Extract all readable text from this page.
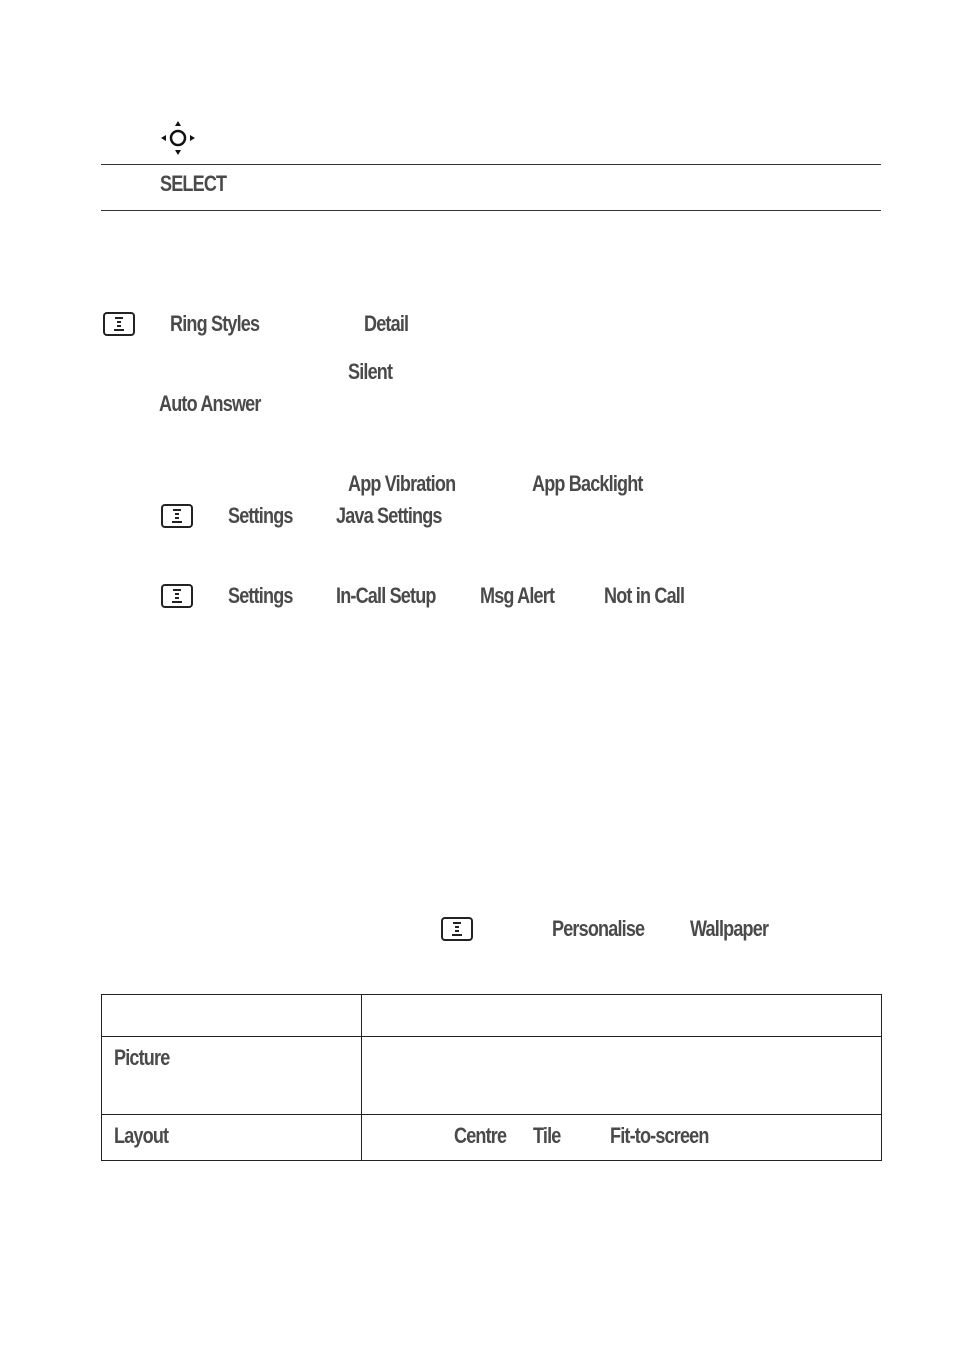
SELECT
Ring Styles	Detail
Silent
Auto Answer
App Vibration	App Backlight
Settings Java Settings
Settings In-Call Setup Msg Alert Not in Call
Personalise Wallpaper

Picture	
Layout	Centre Tile Fit-to-screen
